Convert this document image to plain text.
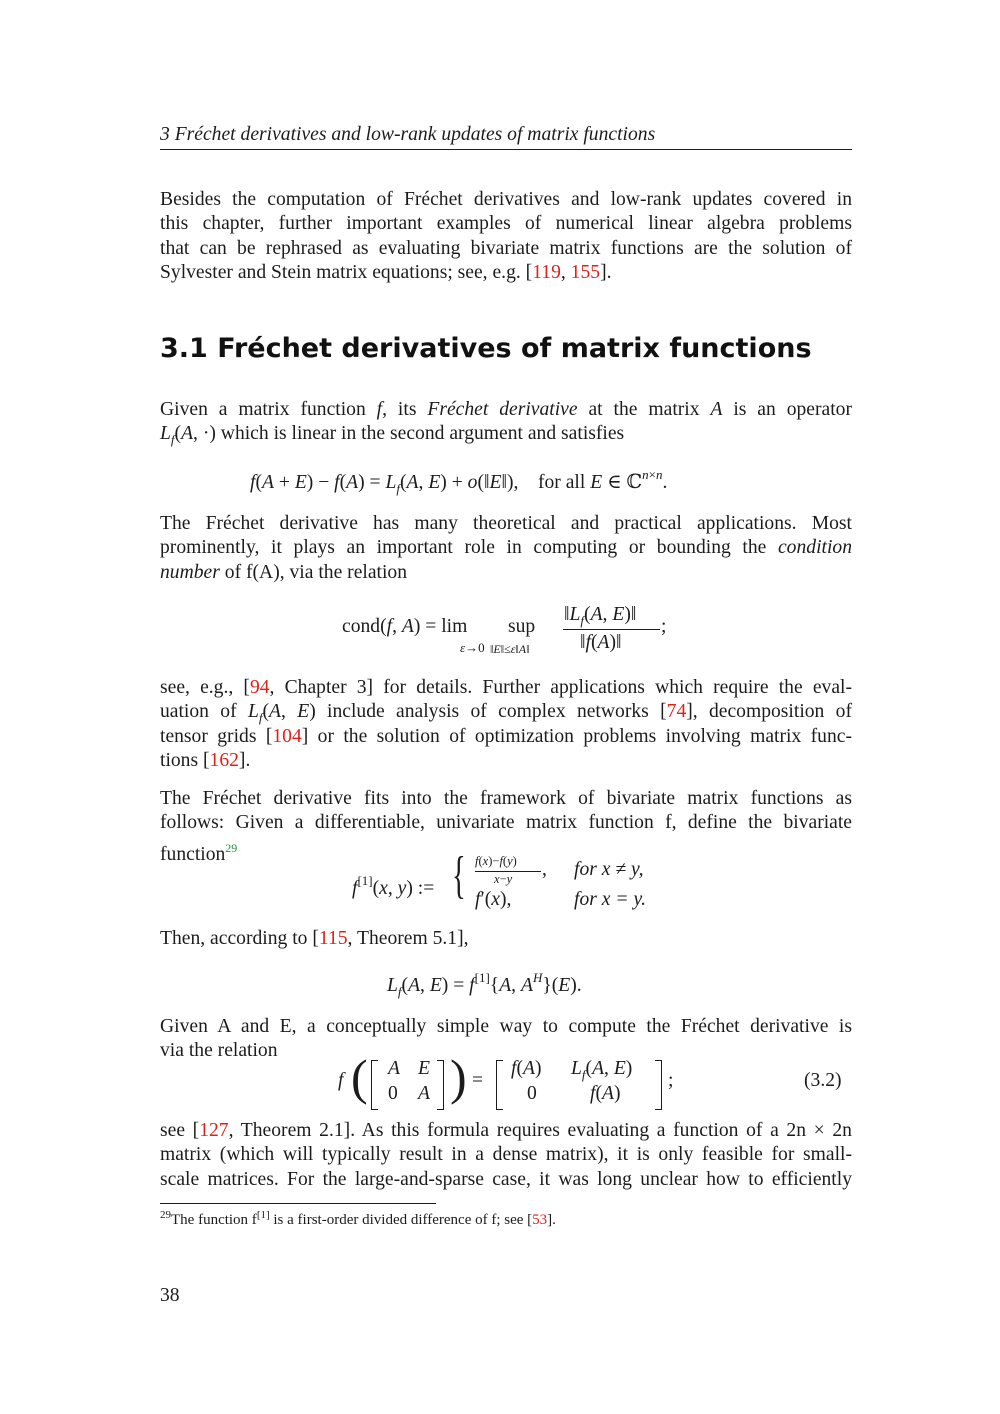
3 Fréchet derivatives and low-rank updates of matrix functions
Besides the computation of Fréchet derivatives and low-rank updates covered in
this chapter, further important examples of numerical linear algebra problems
that can be rephrased as evaluating bivariate matrix functions are the solution of
Sylvester and Stein matrix equations; see, e.g. [119, 155].
3.1 Fréchet derivatives of matrix functions
Given a matrix function f, its Fréchet derivative at the matrix A is an operator
$L_f(A$, ·) which is linear in the second argument and satisfies
$f(A + E) - f(A) = L_f(A$, E) + o(‖E‖),    for all E ∈ ℂ$^{n\times n}$.
The Fréchet derivative has many theoretical and practical applications. Most
prominently, it plays an important role in computing or bounding the condition
number of f(A), via the relation
cond(f, A) = lim
ε→0
sup
‖E‖≤ε‖A‖
$‖L_f(A$, E)‖
‖f(A)‖
;
see, e.g., [94, Chapter 3] for details. Further applications which require the eval-
uation of $L_f(A$, E) include analysis of complex networks [74], decomposition of
tensor grids [104] or the solution of optimization problems involving matrix func-
tions [162].
The Fréchet derivative fits into the framework of bivariate matrix functions as
follows: Given a differentiable, univariate matrix function f, define the bivariate
function$^{29}$
f[1](x, y) := { f(x)−f(y)
x−y , for x ≠ y,
f′(x),	for x = y.
Then, according to [115, Theorem 5.1],
$L_f(A$, E) = f[1]{A, $A^H\}(E)$.
Given A and E, a conceptually simple way to compute the Fréchet derivative is
via the relation
f ( A E
0 A ) =
f(A) $L_f(A$, E)
0	f(A)
;	(3.2)
see [127, Theorem 2.1]. As this formula requires evaluating a function of a 2n × 2n
matrix (which will typically result in a dense matrix), it is only feasible for small-
scale matrices. For the large-and-sparse case, it was long unclear how to efficiently
$^{29}$The function f[1] is a first-order divided difference of f; see [53].
38
